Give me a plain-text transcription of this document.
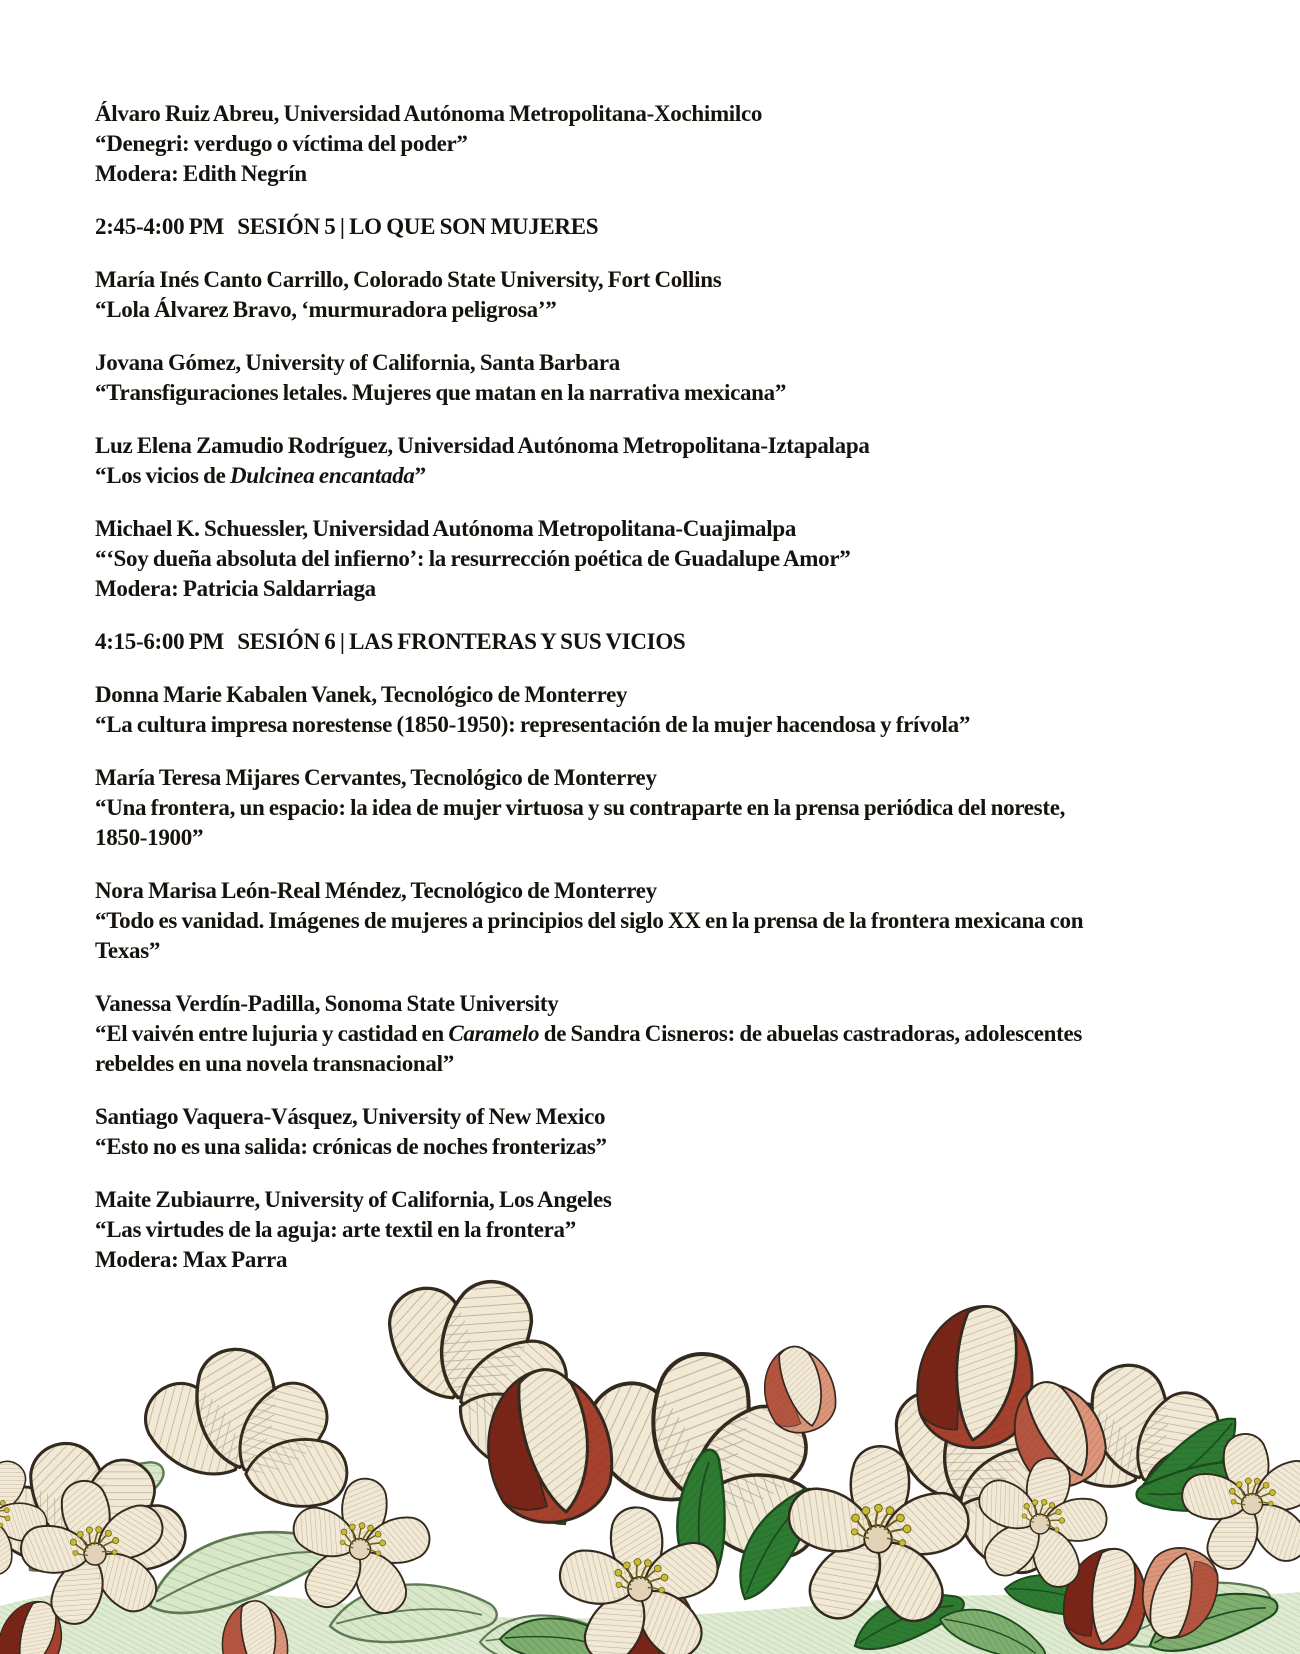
Álvaro Ruiz Abreu, Universidad Autónoma Metropolitana-Xochimilco
“Denegri: verdugo o víctima del poder”
Modera: Edith Negrín
2:45-4:00 PM   SESIÓN 5 | LO QUE SON MUJERES
María Inés Canto Carrillo, Colorado State University, Fort Collins
“Lola Álvarez Bravo, ‘murmuradora peligrosa’”
Jovana Gómez, University of California, Santa Barbara
“Transfiguraciones letales. Mujeres que matan en la narrativa mexicana”
Luz Elena Zamudio Rodríguez, Universidad Autónoma Metropolitana-Iztapalapa
“Los vicios de Dulcinea encantada”
Michael K. Schuessler, Universidad Autónoma Metropolitana-Cuajimalpa
“‘Soy dueña absoluta del infierno’: la resurrección poética de Guadalupe Amor”
Modera: Patricia Saldarriaga
4:15-6:00 PM   SESIÓN 6 | LAS FRONTERAS Y SUS VICIOS
Donna Marie Kabalen Vanek, Tecnológico de Monterrey
“La cultura impresa norestense (1850-1950): representación de la mujer hacendosa y frívola”
María Teresa Mijares Cervantes, Tecnológico de Monterrey
“Una frontera, un espacio: la idea de mujer virtuosa y su contraparte en la prensa periódica del noreste,
1850-1900”
Nora Marisa León-Real Méndez, Tecnológico de Monterrey
“Todo es vanidad. Imágenes de mujeres a principios del siglo XX en la prensa de la frontera mexicana con
Texas”
Vanessa Verdín-Padilla, Sonoma State University
“El vaivén entre lujuria y castidad en Caramelo de Sandra Cisneros: de abuelas castradoras, adolescentes
rebeldes en una novela transnacional”
Santiago Vaquera-Vásquez, University of New Mexico
“Esto no es una salida: crónicas de noches fronterizas”
Maite Zubiaurre, University of California, Los Angeles
“Las virtudes de la aguja: arte textil en la frontera”
Modera: Max Parra
